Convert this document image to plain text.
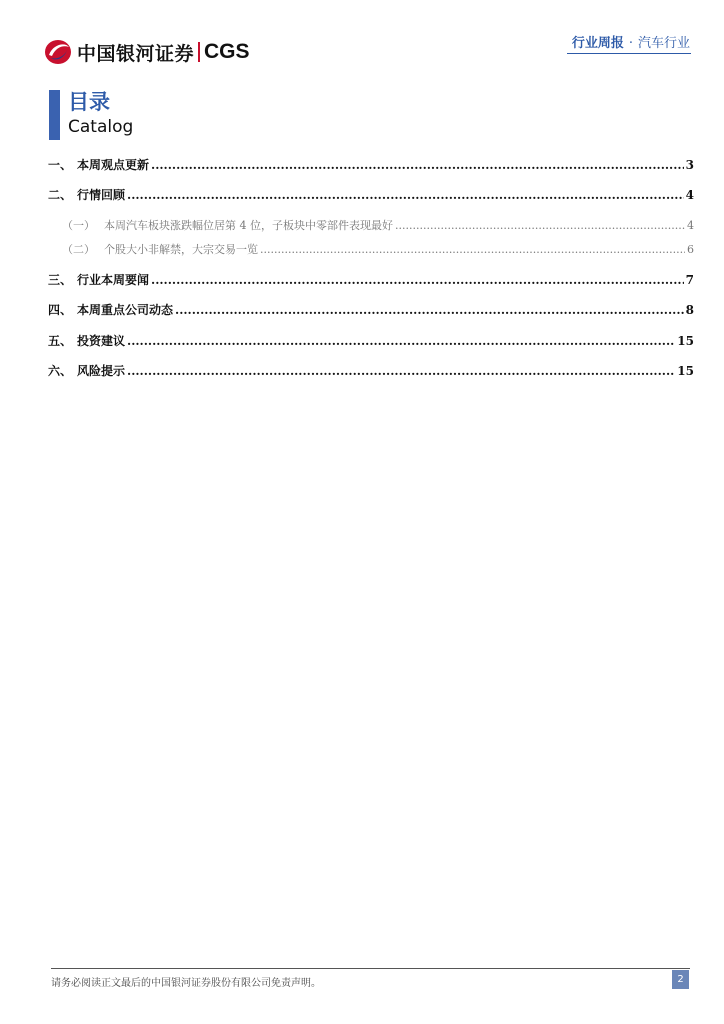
中国银河证券 CGS	行业周报 · 汽车行业
目录
Catalog
一、 本周观点更新 .....	3
二、 行情回顾 .....	4
（一） 本周汽车板块涨跌幅位居第 4 位，子板块中零部件表现最好 .....	4
（二） 个股大小非解禁，大宗交易一览 .....	6
三、 行业本周要闻 .....	7
四、 本周重点公司动态 .....	8
五、 投资建议 .....	15
六、 风险提示 .....	15
请务必阅读正文最后的中国银河证券股份有限公司免责声明。	2
